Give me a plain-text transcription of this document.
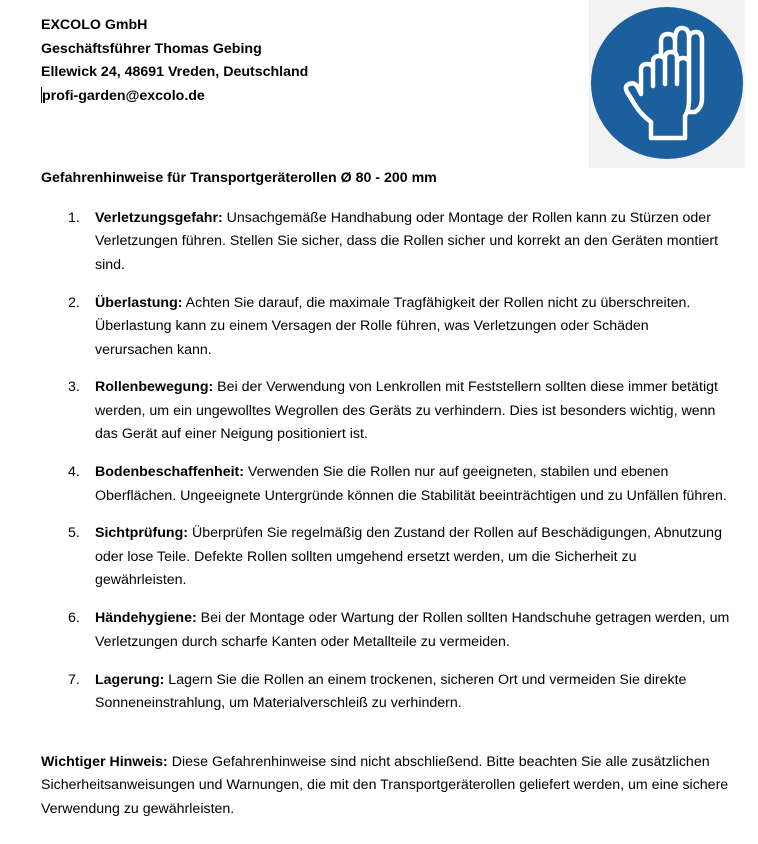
EXCOLO GmbH
Geschäftsführer Thomas Gebing
Ellewick 24, 48691 Vreden, Deutschland
profi-garden@excolo.de
Gefahrenhinweise für Transportgeräterollen Ø 80 - 200 mm
1. Verletzungsgefahr: Unsachgemäße Handhabung oder Montage der Rollen kann zu Stürzen oder Verletzungen führen. Stellen Sie sicher, dass die Rollen sicher und korrekt an den Geräten montiert sind.
2. Überlastung: Achten Sie darauf, die maximale Tragfähigkeit der Rollen nicht zu überschreiten. Überlastung kann zu einem Versagen der Rolle führen, was Verletzungen oder Schäden verursachen kann.
3. Rollenbewegung: Bei der Verwendung von Lenkrollen mit Feststellern sollten diese immer betätigt werden, um ein ungewolltes Wegrollen des Geräts zu verhindern. Dies ist besonders wichtig, wenn das Gerät auf einer Neigung positioniert ist.
4. Bodenbeschaffenheit: Verwenden Sie die Rollen nur auf geeigneten, stabilen und ebenen Oberflächen. Ungeeignete Untergründe können die Stabilität beeinträchtigen und zu Unfällen führen.
5. Sichtprüfung: Überprüfen Sie regelmäßig den Zustand der Rollen auf Beschädigungen, Abnutzung oder lose Teile. Defekte Rollen sollten umgehend ersetzt werden, um die Sicherheit zu gewährleisten.
6. Händehygiene: Bei der Montage oder Wartung der Rollen sollten Handschuhe getragen werden, um Verletzungen durch scharfe Kanten oder Metallteile zu vermeiden.
7. Lagerung: Lagern Sie die Rollen an einem trockenen, sicheren Ort und vermeiden Sie direkte Sonneneinstrahlung, um Materialverschleiß zu verhindern.
Wichtiger Hinweis: Diese Gefahrenhinweise sind nicht abschließend. Bitte beachten Sie alle zusätzlichen Sicherheitsanweisungen und Warnungen, die mit den Transportgeräterollen geliefert werden, um eine sichere Verwendung zu gewährleisten.
